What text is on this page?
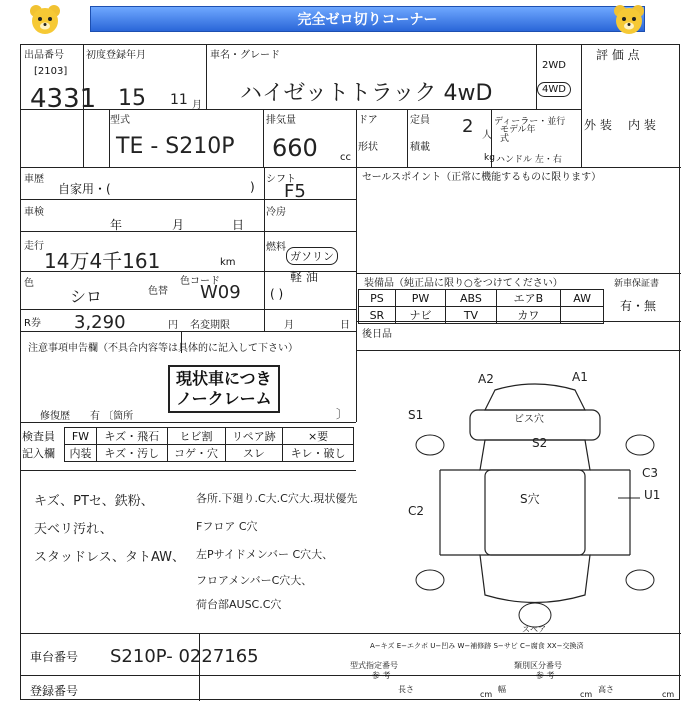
完全ゼロ切りコーナー
出品番号
[2103]
4331
初度登録年月
15 11 月
車名・グレード
ハイゼットトラック 4wD
2WD
4WD
評 価 点
型式
TE - S210P
排気量
660 cc
ドア	定員 2 人
ディーラー・並行
モデル年式
形状	積載
kg ハンドル 左・右
外 装 内 装
車歴
自家用・(	)
シフト
F5
車検
年	月	日
冷房
走行
14万4千161	km
燃料
ガソリン
軽 油
( )
色
シロ	色替
色コード
W09
R券 3,290	円 名変期限	月	日
セールスポイント（正常に機能するものに限ります）
装備品（純正品に限り○をつけてください）
PS	PW	ABS	エアB	AW
SR	ナビ	TV	カワ	
新車保証書
有・無
後日品
注意事項申告欄（不具合内容等は具体的に記入して下さい）
現状車につき
ノークレーム
修復歴 有 〔箇所	〕
検査員
記入欄
FW	キズ・飛石	ヒビ割	リペア跡	×要
内装	キズ・汚し	コゲ・穴	スレ	キレ・破し
キズ、PTセ、鉄粉、
天ベリ汚れ、
スタッドレス、タトAW、
各所.下廻り.C大.C穴大.現状優先
Fフロア C穴
左Pサイドメンバー C穴大、
フロアメンバーC穴大、
荷台部AUSC.C穴
A2	A1
S1	ビス穴
S2
C3
U1
S穴
C2
スペア
A−キズ E−エクボ U−凹み W−補修跡 S−サビ C−腐食 XX−交換済
車台番号 S210P- 0227165
登録番号
型式指定番号
参 考
類別区分番号
参 考
長さ
cm
幅
cm
高さ
cm
